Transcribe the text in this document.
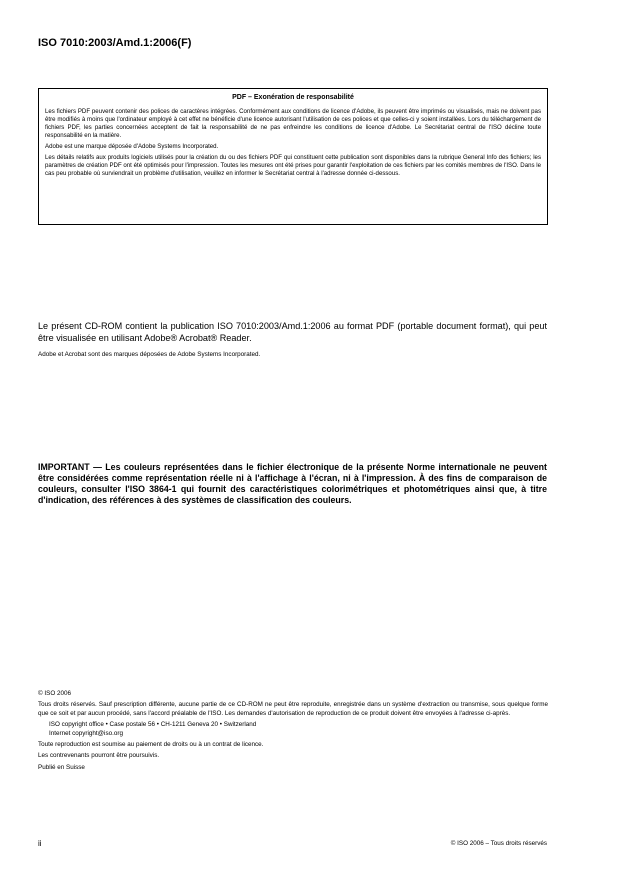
ISO 7010:2003/Amd.1:2006(F)

PDF – Exonération de responsabilité

Les fichiers PDF peuvent contenir des polices de caractères intégrées. Conformément aux conditions de licence d'Adobe, ils peuvent être imprimés ou visualisés, mais ne doivent pas être modifiés à moins que l'ordinateur employé à cet effet ne bénéficie d'une licence autorisant l'utilisation de ces polices et que celles-ci y soient installées. Lors du téléchargement de fichiers PDF, les parties concernées acceptent de fait la responsabilité de ne pas enfreindre les conditions de licence d'Adobe. Le Secrétariat central de l'ISO décline toute responsabilité en la matière.

Adobe est une marque déposée d'Adobe Systems Incorporated.

Les détails relatifs aux produits logiciels utilisés pour la création du ou des fichiers PDF qui constituent cette publication sont disponibles dans la rubrique General Info des fichiers; les paramètres de création PDF ont été optimisés pour l'impression. Toutes les mesures ont été prises pour garantir l'exploitation de ces fichiers par les comités membres de l'ISO. Dans le cas peu probable où surviendrait un problème d'utilisation, veuillez en informer le Secrétariat central à l'adresse donnée ci-dessous.

Le présent CD-ROM contient la publication ISO 7010:2003/Amd.1:2006 au format PDF (portable document format), qui peut être visualisée en utilisant Adobe® Acrobat® Reader.

Adobe et Acrobat sont des marques déposées de Adobe Systems Incorporated.
IMPORTANT — Les couleurs représentées dans le fichier électronique de la présente Norme internationale ne peuvent être considérées comme représentation réelle ni à l'affichage à l'écran, ni à l'impression. À des fins de comparaison de couleurs, consulter l'ISO 3864-1 qui fournit des caractéristiques colorimétriques et photométriques ainsi que, à titre d'indication, des références à des systèmes de classification des couleurs.

© ISO 2006

Tous droits réservés. Sauf prescription différente, aucune partie de ce CD-ROM ne peut être reproduite, enregistrée dans un système d'extraction ou transmise, sous quelque forme que ce soit et par aucun procédé, sans l'accord préalable de l'ISO. Les demandes d'autorisation de reproduction de ce produit doivent être envoyées à l'adresse ci-après.

ISO copyright office • Case postale 56 • CH-1211 Geneva 20 • Switzerland
Internet copyright@iso.org

Toute reproduction est soumise au paiement de droits ou à un contrat de licence.

Les contrevenants pourront être poursuivis.

Publié en Suisse

ii	© ISO 2006 – Tous droits réservés
